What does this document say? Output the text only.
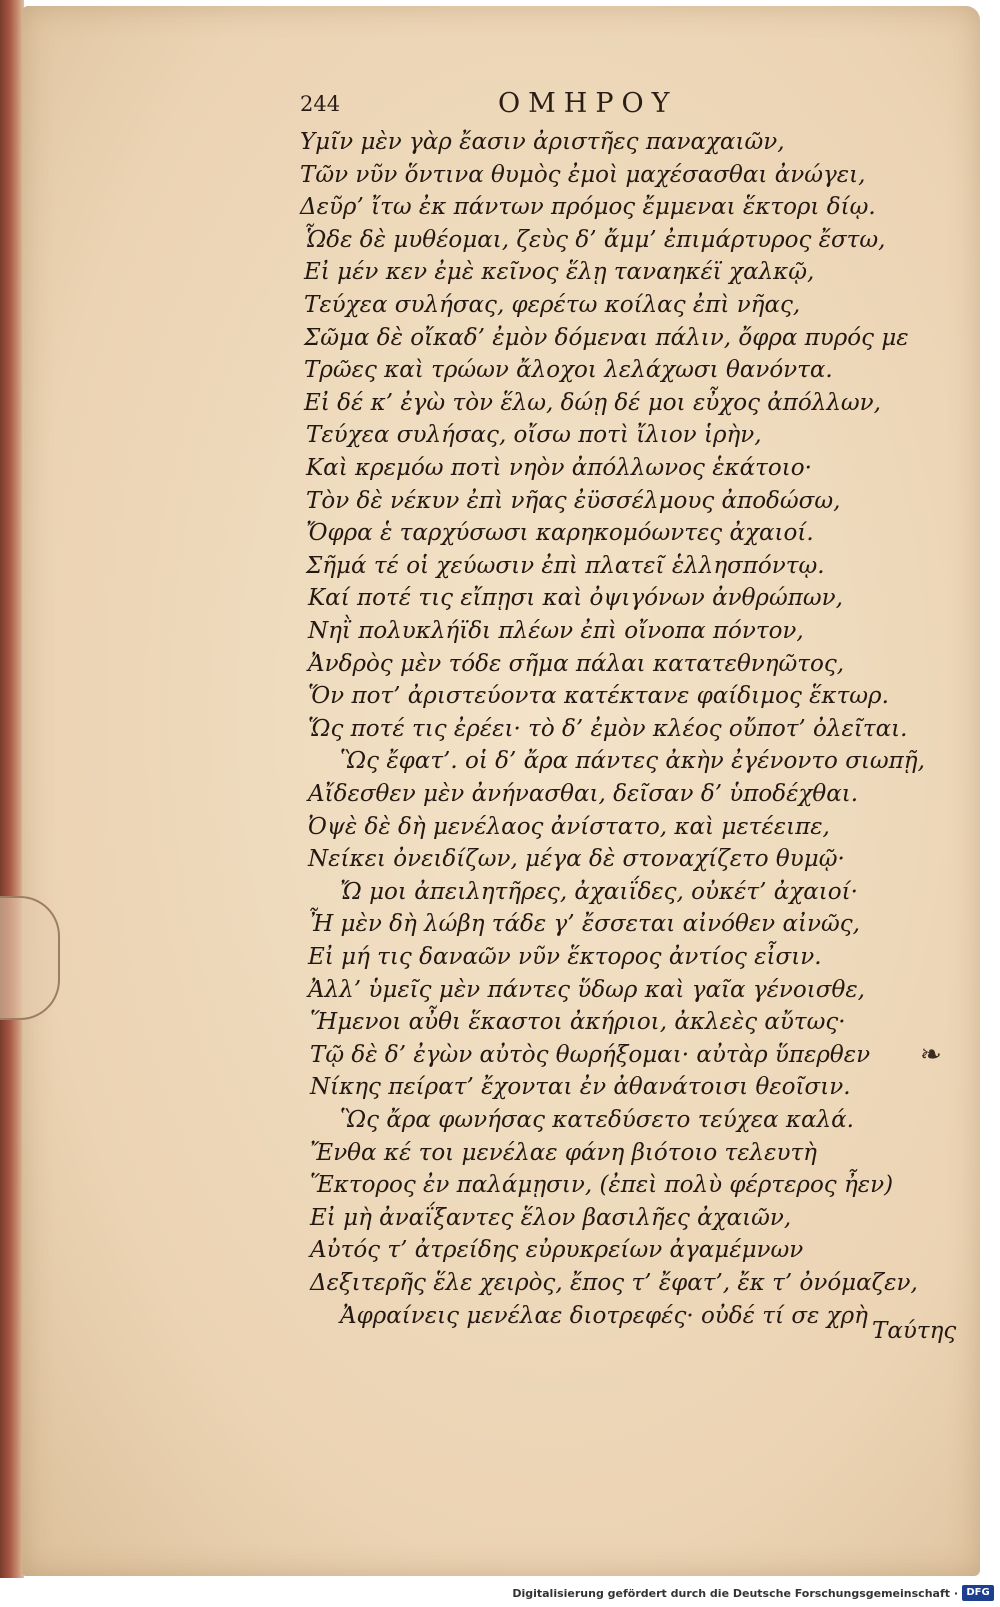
244	ΟΜΗΡΟΥ
Υμῖν μὲν γὰρ ἔασιν ἀριστῆες παναχαιῶν,
Τῶν νῦν ὅντινα θυμὸς ἐμοὶ μαχέσασθαι ἀνώγει,
Δεῦρ’ ἴτω ἐκ πάντων πρόμος ἔμμεναι ἕκτορι δίῳ.
Ὧδε δὲ μυθέομαι, ζεὺς δ’ ἄμμ’ ἐπιμάρτυρος ἔστω,
Εἰ μέν κεν ἐμὲ κεῖνος ἕλῃ ταναηκέϊ χαλκῷ,
Τεύχεα συλήσας, φερέτω κοίλας ἐπὶ νῆας,
Σῶμα δὲ οἴκαδ’ ἐμὸν δόμεναι πάλιν, ὄφρα πυρός με
Τρῶες καὶ τρώων ἄλοχοι λελάχωσι θανόντα.
Εἰ δέ κ’ ἐγὼ τὸν ἕλω, δώῃ δέ μοι εὖχος ἀπόλλων,
Τεύχεα συλήσας, οἴσω ποτὶ ἴλιον ἱρὴν,
Καὶ κρεμόω ποτὶ νηὸν ἀπόλλωνος ἑκάτοιο·
Τὸν δὲ νέκυν ἐπὶ νῆας ἐϋσσέλμους ἀποδώσω,
Ὄφρα ἑ ταρχύσωσι καρηκομόωντες ἀχαιοί.
Σῆμά τέ οἱ χεύωσιν ἐπὶ πλατεῖ ἑλλησπόντῳ.
Καί ποτέ τις εἴπῃσι καὶ ὀψιγόνων ἀνθρώπων,
Νηῒ πολυκλήϊδι πλέων ἐπὶ οἴνοπα πόντον,
Ἀνδρὸς μὲν τόδε σῆμα πάλαι κατατεθνηῶτος,
Ὅν ποτ’ ἀριστεύοντα κατέκτανε φαίδιμος ἕκτωρ.
Ὥς ποτέ τις ἐρέει· τὸ δ’ ἐμὸν κλέος οὔποτ’ ὀλεῖται.
Ὣς ἔφατ’. οἱ δ’ ἄρα πάντες ἀκὴν ἐγένοντο σιωπῇ,
Αἴδεσθεν μὲν ἀνήνασθαι, δεῖσαν δ’ ὑποδέχθαι.
Ὀψὲ δὲ δὴ μενέλαος ἀνίστατο, καὶ μετέειπε,
Νείκει ὀνειδίζων, μέγα δὲ στοναχίζετο θυμῷ·
Ὤ μοι ἀπειλητῆρες, ἀχαιΐδες, οὐκέτ’ ἀχαιοί·
Ἦ μὲν δὴ λώβη τάδε γ’ ἔσσεται αἰνόθεν αἰνῶς,
Εἰ μή τις δαναῶν νῦν ἕκτορος ἀντίος εἶσιν.
Ἀλλ’ ὑμεῖς μὲν πάντες ὕδωρ καὶ γαῖα γένοισθε,
Ἥμενοι αὖθι ἕκαστοι ἀκήριοι, ἀκλεὲς αὔτως·
Τῷ δὲ δ’ ἐγὼν αὐτὸς θωρήξομαι· αὐτὰρ ὕπερθεν
Νίκης πείρατ’ ἔχονται ἐν ἀθανάτοισι θεοῖσιν.
Ὣς ἄρα φωνήσας κατεδύσετο τεύχεα καλά.
Ἔνθα κέ τοι μενέλαε φάνη βιότοιο τελευτὴ
Ἕκτορος ἐν παλάμῃσιν, (ἐπεὶ πολὺ φέρτερος ἦεν)
Εἰ μὴ ἀναΐξαντες ἕλον βασιλῆες ἀχαιῶν,
Αὐτός τ’ ἀτρείδης εὐρυκρείων ἀγαμέμνων
Δεξιτερῆς ἕλε χειρὸς, ἔπος τ’ ἔφατ’, ἔκ τ’ ὀνόμαζεν,
Ἀφραίνεις μενέλαε διοτρεφές· οὐδέ τί σε χρὴ
❧
Ταύτης
Digitalisierung gefördert durch die Deutsche Forschungsgemeinschaft · DFG
